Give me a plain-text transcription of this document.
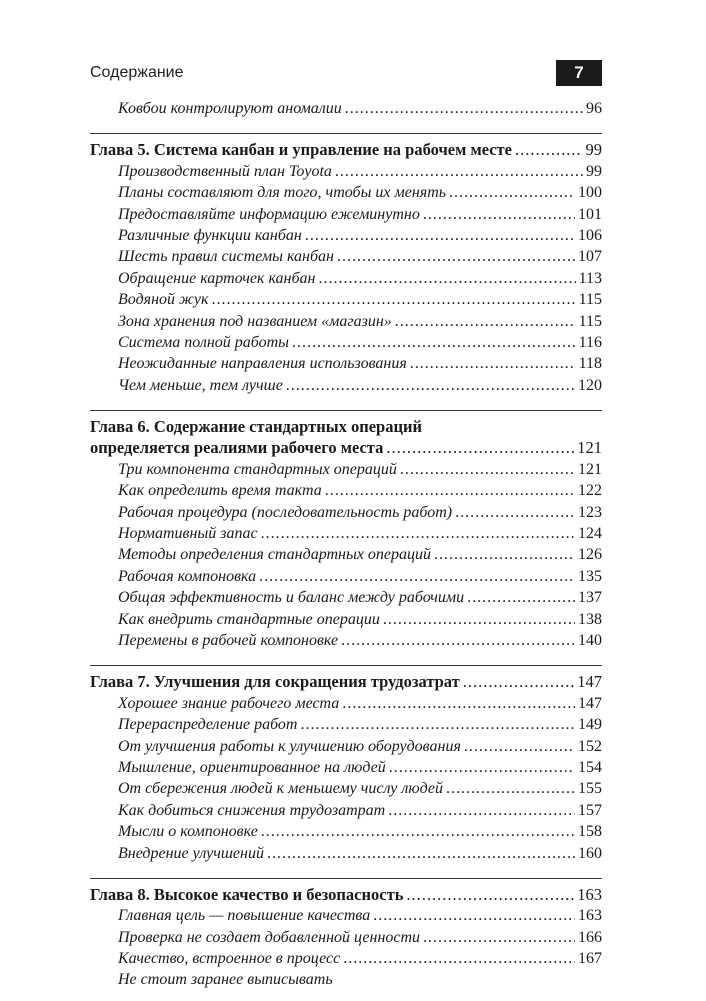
Содержание	7
Ковбои контролируют аномалии .....	96
Глава 5. Система канбан и управление на рабочем месте .....	99
Производственный план Toyota .....	99
Планы составляют для того, чтобы их менять .....	100
Предоставляйте информацию ежеминутно .....	101
Различные функции канбан .....	106
Шесть правил системы канбан .....	107
Обращение карточек канбан .....	113
Водяной жук .....	115
Зона хранения под названием «магазин» .....	115
Система полной работы .....	116
Неожиданные направления использования .....	118
Чем меньше, тем лучше .....	120
Глава 6. Содержание стандартных операций
определяется реалиями рабочего места .....	121
Три компонента стандартных операций .....	121
Как определить время такта .....	122
Рабочая процедура (последовательность работ) .....	123
Нормативный запас .....	124
Методы определения стандартных операций .....	126
Рабочая компоновка .....	135
Общая эффективность и баланс между рабочими .....	137
Как внедрить стандартные операции .....	138
Перемены в рабочей компоновке .....	140
Глава 7. Улучшения для сокращения трудозатрат .....	147
Хорошее знание рабочего места .....	147
Перераспределение работ .....	149
От улучшения работы к улучшению оборудования .....	152
Мышление, ориентированное на людей .....	154
От сбережения людей к меньшему числу людей .....	155
Как добиться снижения трудозатрат .....	157
Мысли о компоновке .....	158
Внедрение улучшений .....	160
Глава 8. Высокое качество и безопасность .....	163
Главная цель — повышение качества .....	163
Проверка не создает добавленной ценности .....	166
Качество, встроенное в процесс .....	167
Не стоит заранее выписывать
